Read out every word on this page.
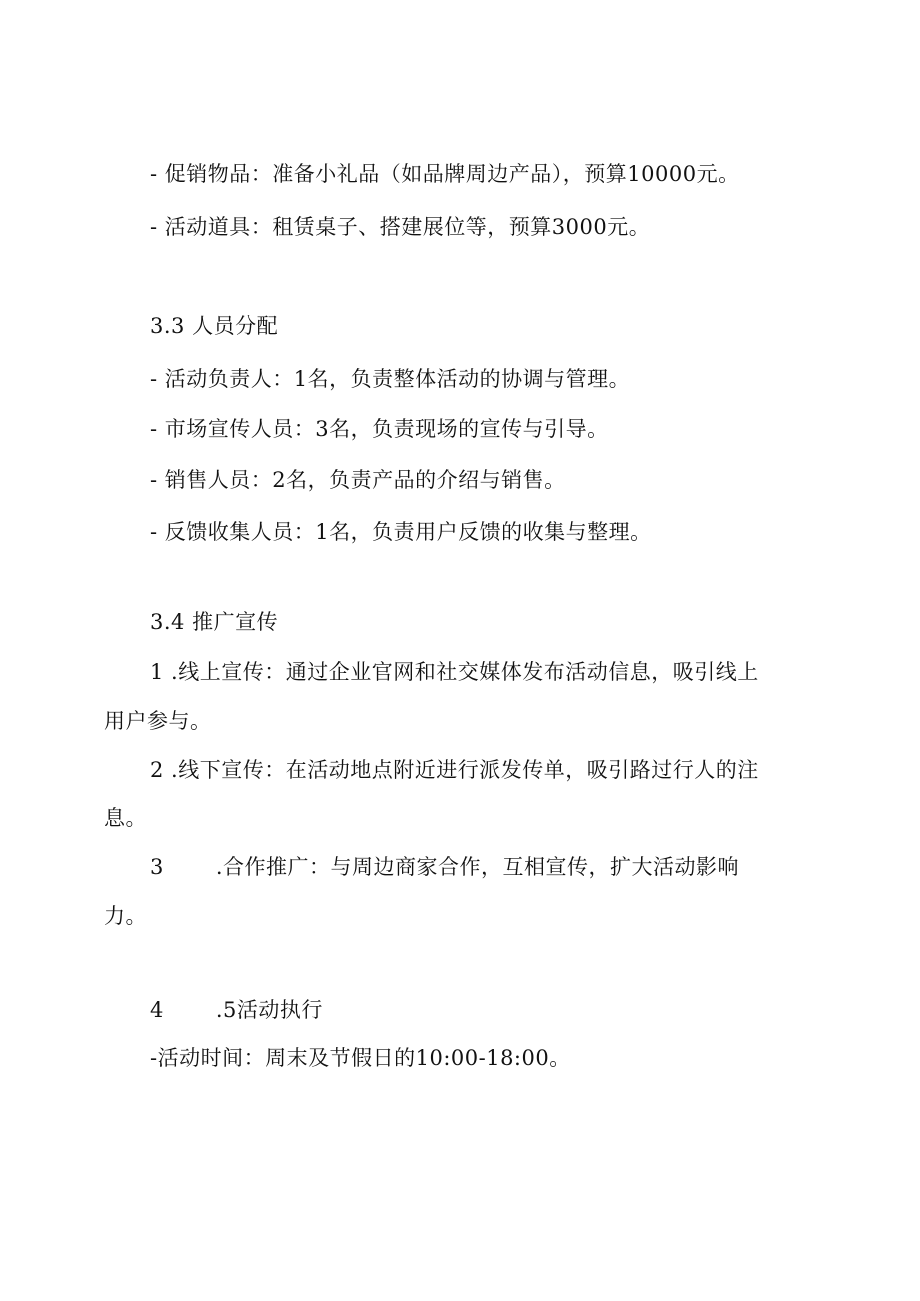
- 促销物品：准备小礼品（如品牌周边产品），预算10000元。
- 活动道具：租赁桌子、搭建展位等，预算3000元。
3.3 人员分配
- 活动负责人：1名，负责整体活动的协调与管理。
- 市场宣传人员：3名，负责现场的宣传与引导。
- 销售人员：2名，负责产品的介绍与销售。
- 反馈收集人员：1名，负责用户反馈的收集与整理。
3.4 推广宣传
1 .线上宣传：通过企业官网和社交媒体发布活动信息，吸引线上
用户参与。
2 .线下宣传：在活动地点附近进行派发传单，吸引路过行人的注
息。
3 .合作推广：与周边商家合作，互相宣传，扩大活动影响
力。
4 .5活动执行
-活动时间：周末及节假日的10:00-18:00。
